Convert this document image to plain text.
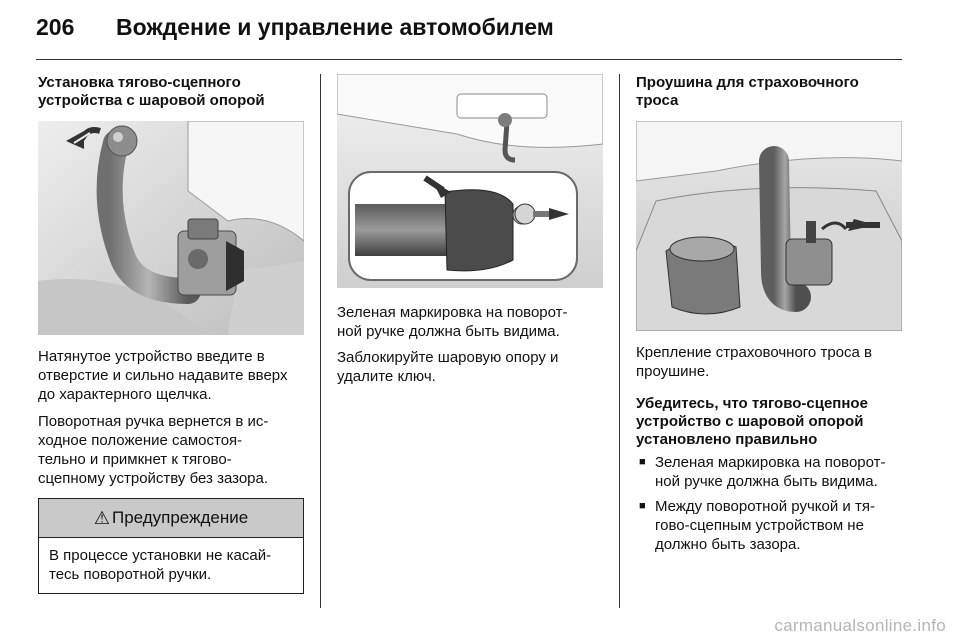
206 Вождение и управление автомобилем

Установка тягово-сцепного
устройства с шаровой опорой

Натянутое устройство введите в
отверстие и сильно надавите вверх
до характерного щелчка.

Поворотная ручка вернется в ис-
ходное положение самостоя-
тельно и примкнет к тягово-
сцепному устройству без зазора.

⚠ Предупреждение
В процессе установки не касай-
тесь поворотной ручки.

Зеленая маркировка на поворот-
ной ручке должна быть видима.

Заблокируйте шаровую опору и
удалите ключ.

Проушина для страховочного
троса

Крепление страховочного троса в
проушине.

Убедитесь, что тягово-сцепное
устройство с шаровой опорой
установлено правильно

■ Зеленая маркировка на поворот-
ной ручке должна быть видима.
■ Между поворотной ручкой и тя-
гово-сцепным устройством не
должно быть зазора.
carmanualsonline.info
